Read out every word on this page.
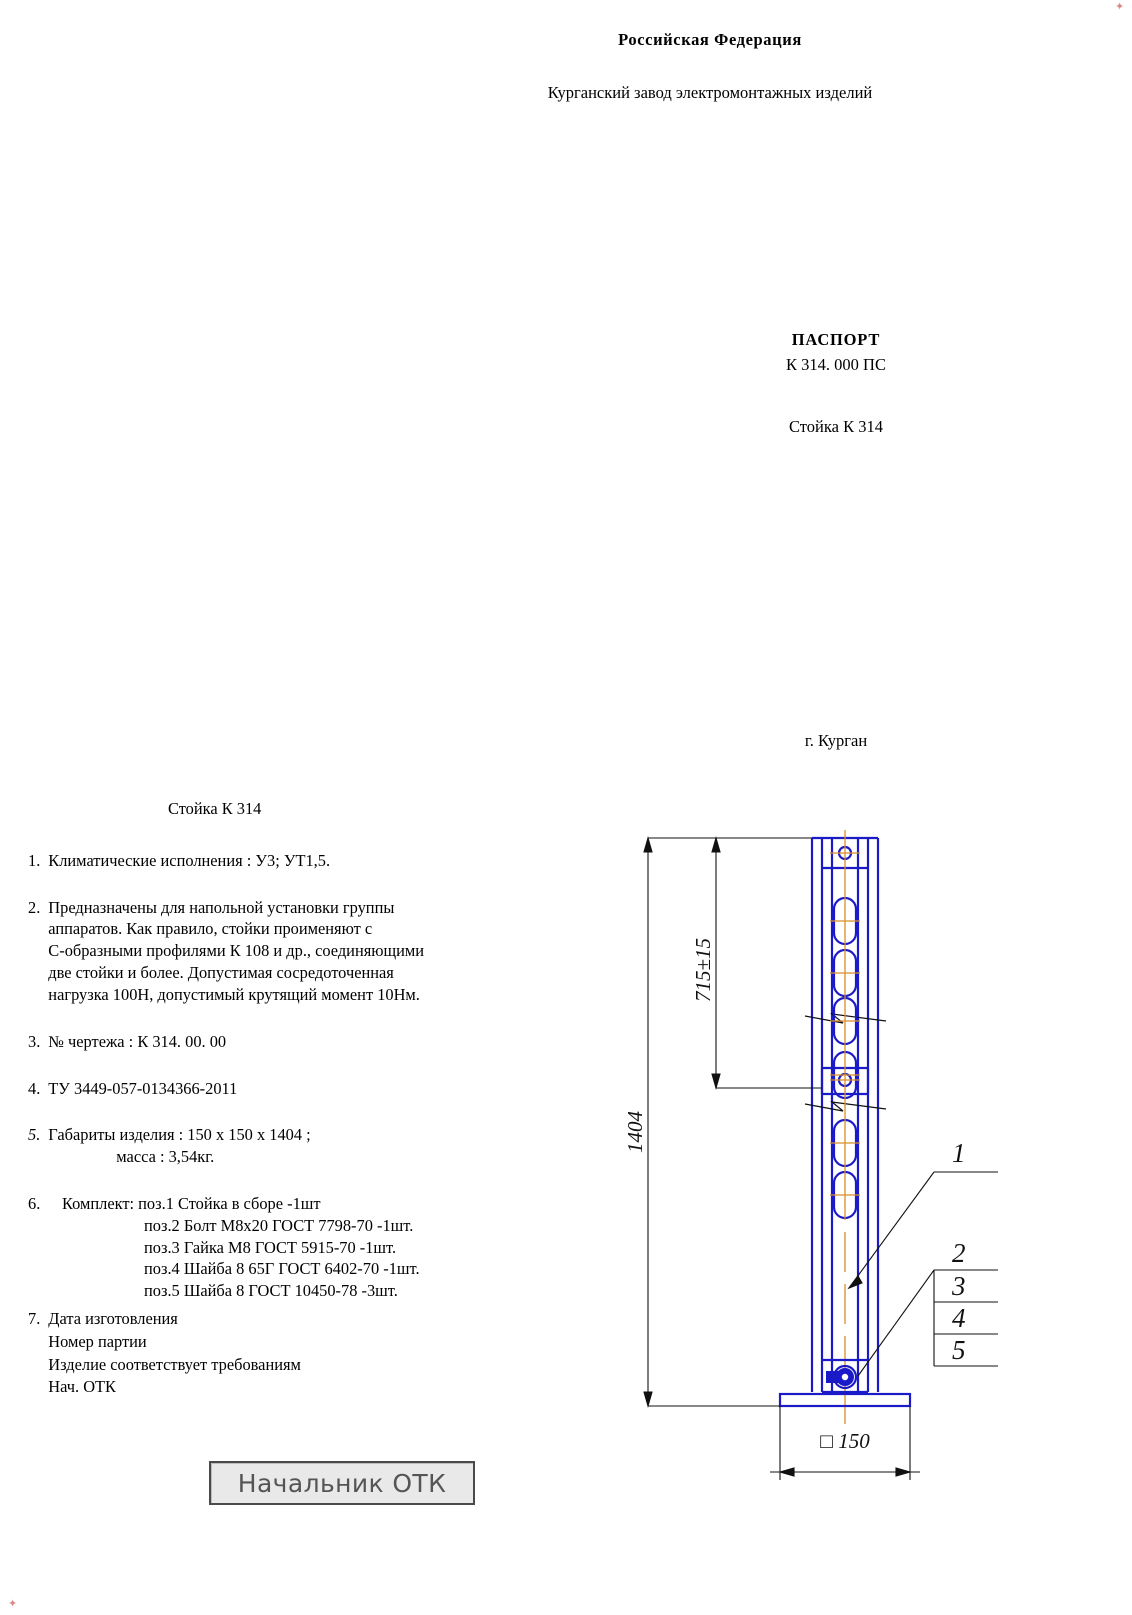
✦
✦
Российская Федерация
Курганский завод электромонтажных изделий
ПАСПОРТ
К 314. 000 ПС
Стойка К 314
г. Курган
Стойка К 314
1. Климатические исполнения : У3; УТ1,5.
2. Предназначены для напольной установки группы
аппаратов. Как правило, стойки проименяют с
С-образными профилями К 108 и др., соединяющими
две стойки и более. Допустимая сосредоточенная
нагрузка 100Н, допустимый крутящий момент 10Нм.
3. № чертежа : К 314. 00. 00
4. ТУ 3449-057-0134366-2011
5. Габариты изделия : 150 х 150 х 1404 ;
масса : 3,54кг.
6.	Комплект: поз.1 Стойка в сборе -1шт
поз.2 Болт М8х20 ГОСТ 7798-70 -1шт.
поз.3 Гайка М8 ГОСТ 5915-70 -1шт.
поз.4 Шайба 8 65Г ГОСТ 6402-70 -1шт.
поз.5 Шайба 8 ГОСТ 10450-78 -3шт.
7. Дата изготовления
Номер партии
Изделие соответствует требованиям
Нач. ОТК
Начальник ОТК
1404
715±15
□ 150
1
2
3
4
5
